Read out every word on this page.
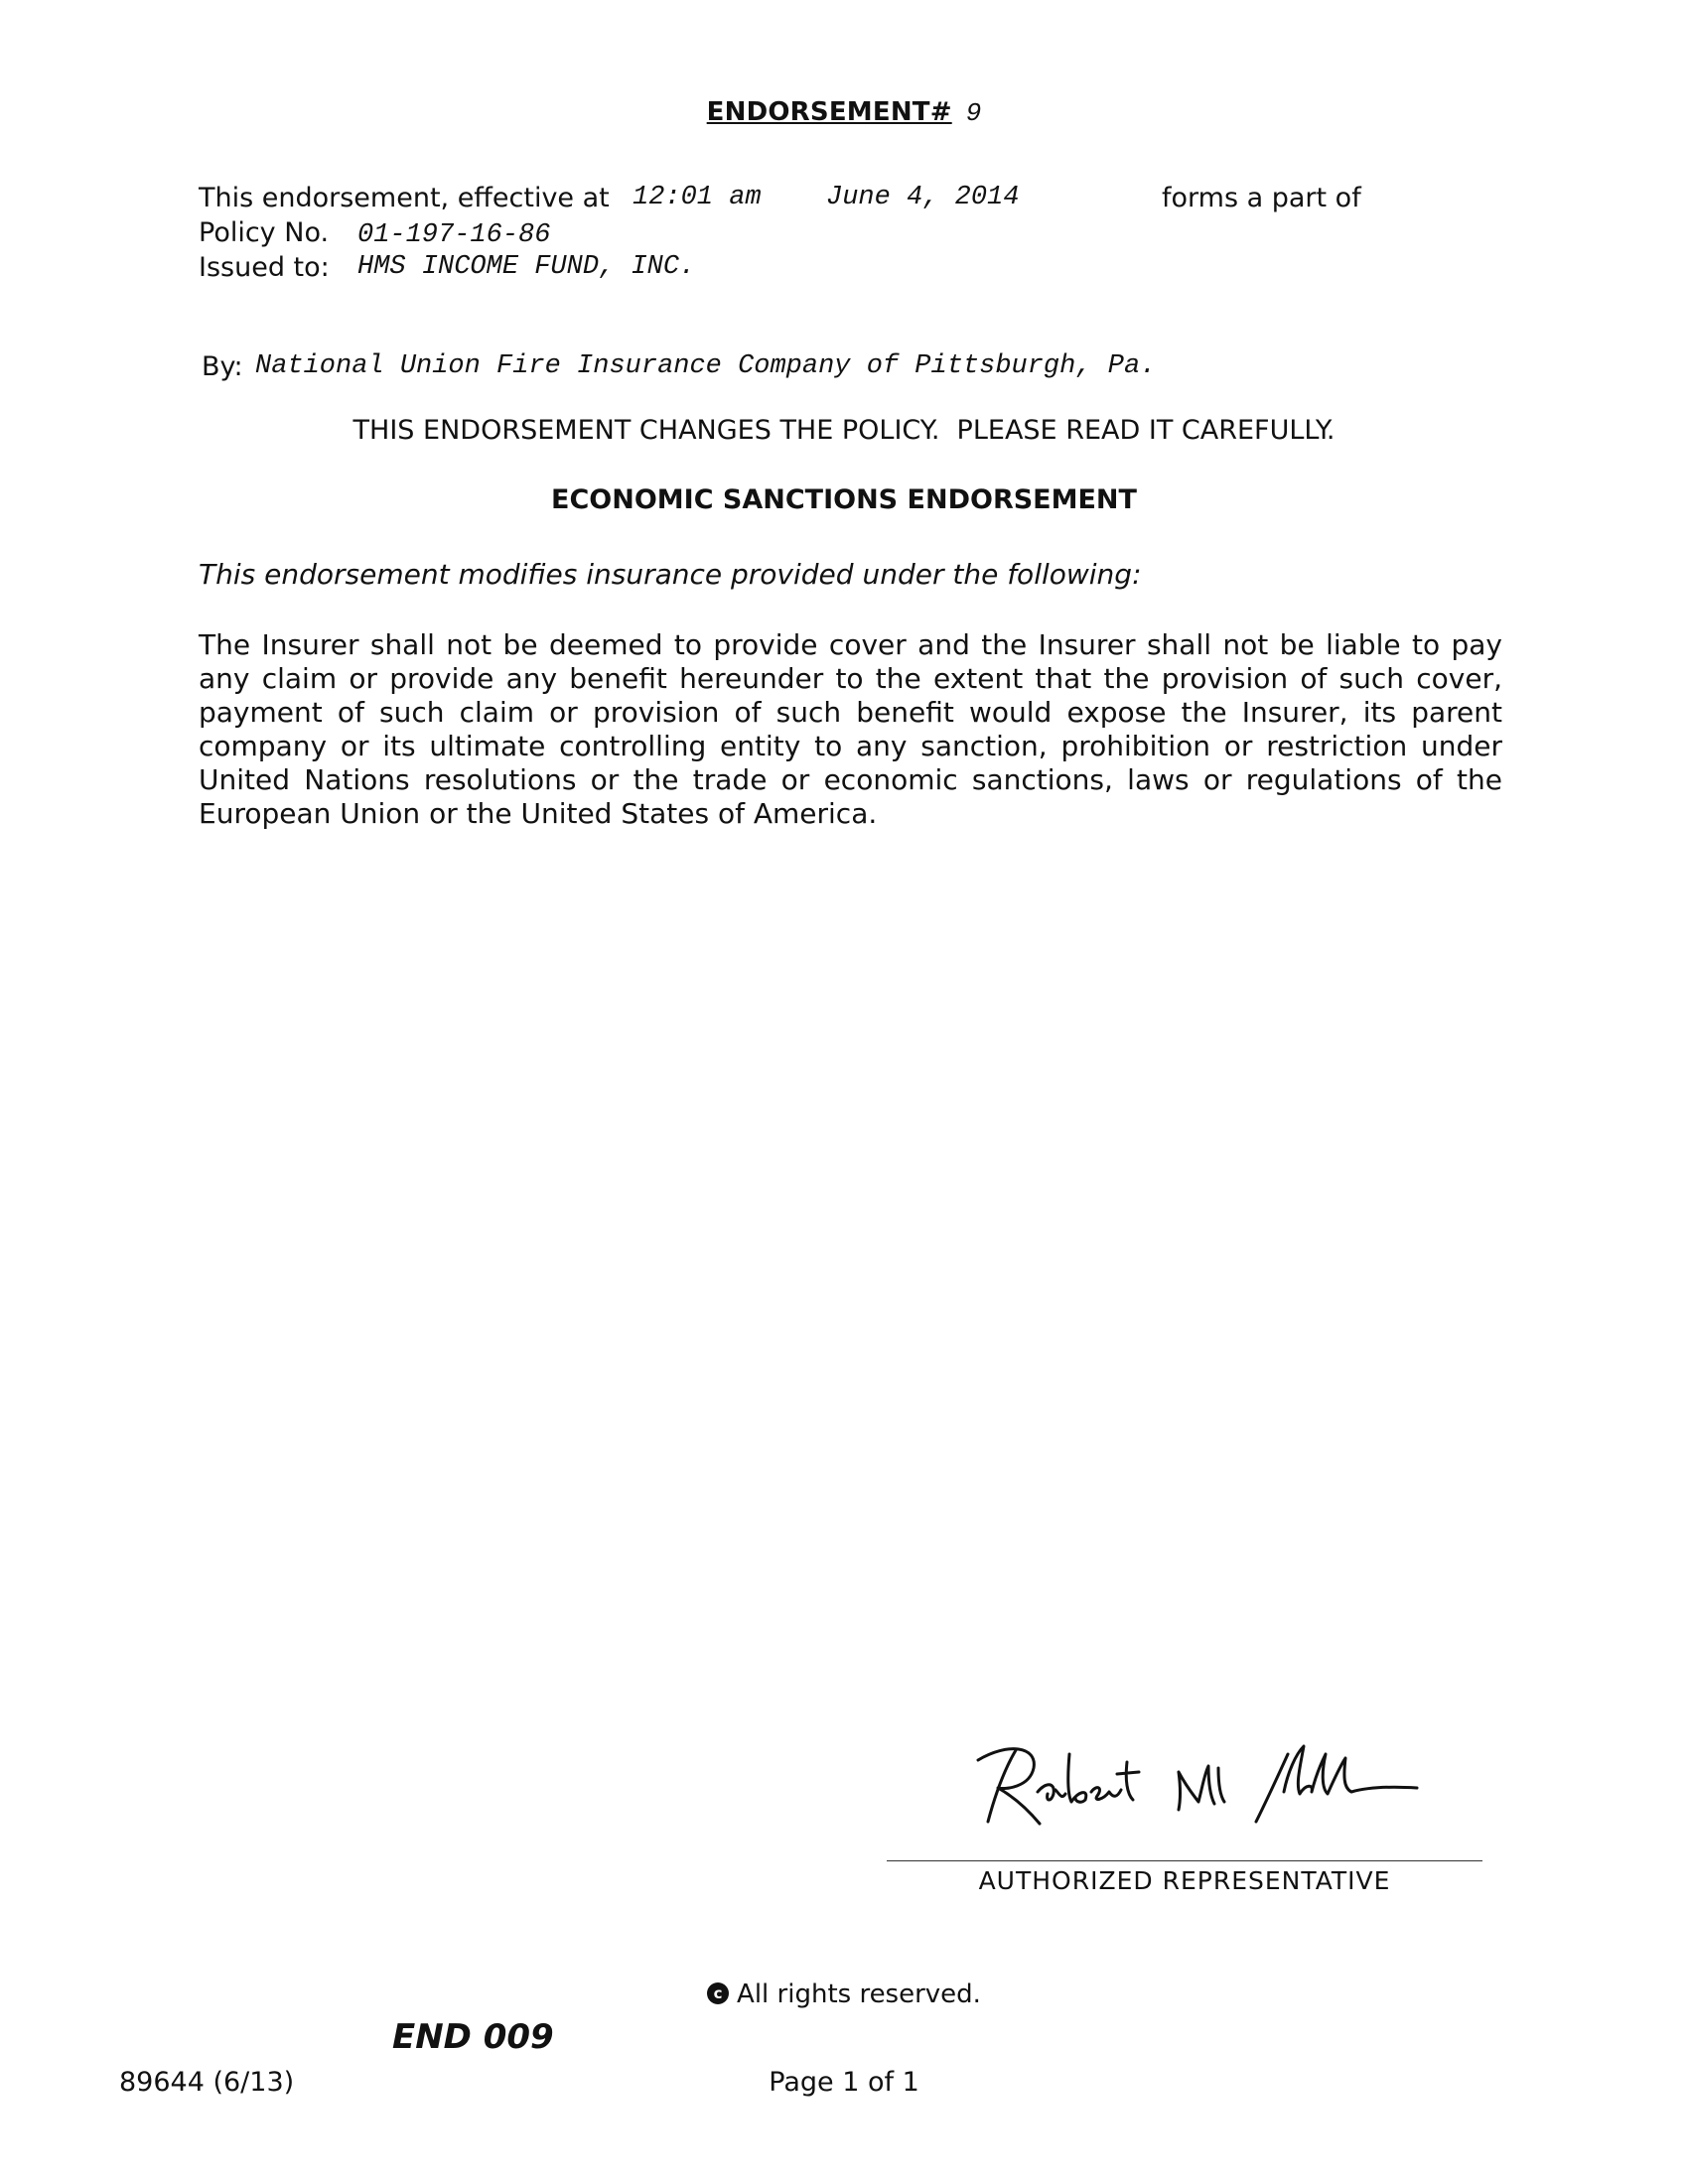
ENDORSEMENT# 9
This endorsement, effective at 12:01 am June 4, 2014	forms a part of
Policy No. 01-197-16-86
Issued to: HMS INCOME FUND, INC.
By: National Union Fire Insurance Company of Pittsburgh, Pa.
THIS ENDORSEMENT CHANGES THE POLICY.  PLEASE READ IT CAREFULLY.
ECONOMIC SANCTIONS ENDORSEMENT
This endorsement modifies insurance provided under the following:
The Insurer shall not be deemed to provide cover and the Insurer shall not be liable to pay any claim or provide any benefit hereunder to the extent that the provision of such cover, payment of such claim or provision of such benefit would expose the Insurer, its parent company or its ultimate controlling entity to any sanction, prohibition or restriction under United Nations resolutions or the trade or economic sanctions, laws or regulations of the European Union or the United States of America.
AUTHORIZED REPRESENTATIVE
c All rights reserved.
END 009
89644 (6/13)	Page 1 of 1
